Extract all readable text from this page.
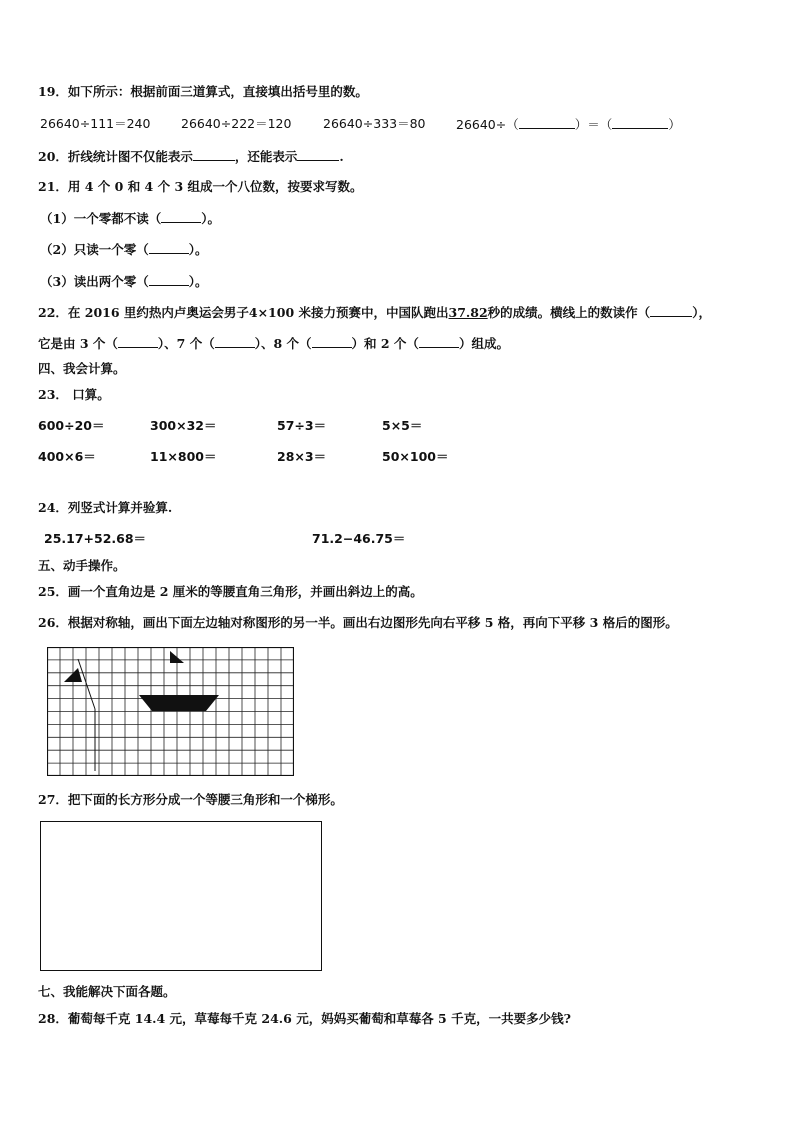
19．如下所示：根据前面三道算式，直接填出括号里的数。
26640÷111＝240 26640÷222＝120	26640÷333＝80 26640÷（	）＝（	）
20．折线统计图不仅能表示	，还能表示	.
21．用 4 个 0 和 4 个 3 组成一个八位数，按要求写数。
（1）一个零都不读（	）。
（2）只读一个零（	）。
（3）读出两个零（	）。
22．在 2016 里约热内卢奥运会男子4×100 米接力预赛中，中国队跑出37.82秒的成绩。横线上的数读作（	），
它是由 3 个（	）、7 个（	）、8 个（	）和 2 个（	）组成。
四、我会计算。
23． 口算。
600÷20＝	300×32＝	57÷3＝	5×5＝
400×6＝	11×800＝	28×3＝	50×100＝
24．列竖式计算并验算.
25.17+52.68＝	71.2−46.75＝
五、动手操作。
25．画一个直角边是 2 厘米的等腰直角三角形，并画出斜边上的高。
26．根据对称轴，画出下面左边轴对称图形的另一半。画出右边图形先向右平移 5 格，再向下平移 3 格后的图形。
27．把下面的长方形分成一个等腰三角形和一个梯形。
七、我能解决下面各题。
28．葡萄每千克 14.4 元，草莓每千克 24.6 元，妈妈买葡萄和草莓各 5 千克，一共要多少钱?
